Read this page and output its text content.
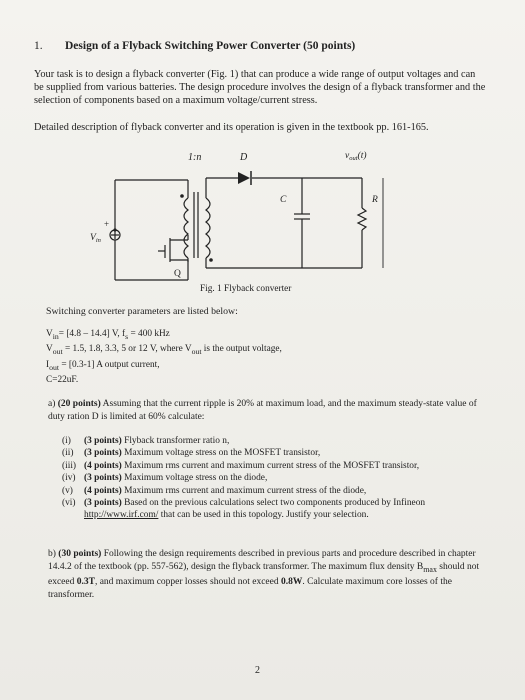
1. Design of a Flyback Switching Power Converter (50 points)
Your task is to design a flyback converter (Fig. 1) that can produce a wide range of output voltages and can be supplied from various batteries. The design procedure involves the design of a flyback transformer and the selection of components based on a maximum voltage/current stress.
Detailed description of flyback converter and its operation is given in the textbook pp. 161-165.
1:n	D	$v_{out}(t)$
C	R
$V_{in}$
+
Q
Fig. 1 Flyback converter
Switching converter parameters are listed below:
$V_{in}= [4.8 - 14.4]$ V, $f_s = 400$ kHz
$V_{out} = 1.5$, 1.8, 3.3, 5 or 12 V, where $V_{out}$ is the output voltage,
$I_{out} = [0.3-1]$ A output current,
C=22uF.
a) (20 points) Assuming that the current ripple is 20% at maximum load, and the maximum steady-state value of duty ration D is limited at 60% calculate:
(i)	(3 points) Flyback transformer ratio n,
(ii)	(3 points) Maximum voltage stress on the MOSFET transistor,
(iii) (4 points) Maximum rms current and maximum current stress of the MOSFET transistor,
(iv) (3 points) Maximum voltage stress on the diode,
(v)	(4 points) Maximum rms current and maximum current stress of the diode,
(vi) (3 points) Based on the previous calculations select two components produced by Infineon http://www.irf.com/ that can be used in this topology. Justify your selection.
b) (30 points) Following the design requirements described in previous parts and procedure described in chapter 14.4.2 of the textbook (pp. 557-562), design the flyback transformer. The maximum flux density $B_{max}$ should not exceed 0.3T, and maximum copper losses should not exceed 0.8W. Calculate maximum core losses of the transformer.
2
